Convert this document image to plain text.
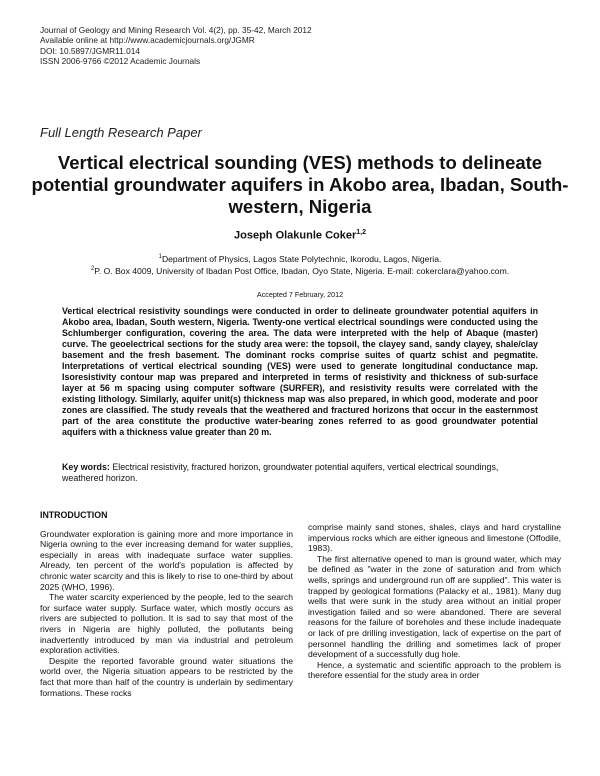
Journal of Geology and Mining Research Vol. 4(2), pp. 35-42, March 2012
Available online at http://www.academicjournals.org/JGMR
DOI: 10.5897/JGMR11.014
ISSN 2006-9766 ©2012 Academic Journals
Full Length Research Paper
Vertical electrical sounding (VES) methods to delineate potential groundwater aquifers in Akobo area, Ibadan, South-western, Nigeria
Joseph Olakunle Coker$^{1,2}$
$^1$Department of Physics, Lagos State Polytechnic, Ikorodu, Lagos, Nigeria.
$^2$P. O. Box 4009, University of Ibadan Post Office, Ibadan, Oyo State, Nigeria. E-mail: cokerclara@yahoo.com.
Accepted 7 February, 2012
Vertical electrical resistivity soundings were conducted in order to delineate groundwater potential aquifers in Akobo area, Ibadan, South western, Nigeria. Twenty-one vertical electrical soundings were conducted using the Schlumberger configuration, covering the area. The data were interpreted with the help of Abaque (master) curve. The geoelectrical sections for the study area were: the topsoil, the clayey sand, sandy clayey, shale/clay basement and the fresh basement. The dominant rocks comprise suites of quartz schist and pegmatite. Interpretations of vertical electrical sounding (VES) were used to generate longitudinal conductance map. Isoresistivity contour map was prepared and interpreted in terms of resistivity and thickness of sub-surface layer at 56 m spacing using computer software (SURFER), and resistivity results were correlated with the existing lithology. Similarly, aquifer unit(s) thickness map was also prepared, in which good, moderate and poor zones are classified. The study reveals that the weathered and fractured horizons that occur in the easternmost part of the area constitute the productive water-bearing zones referred to as good groundwater potential aquifers with a thickness value greater than 20 m.
Key words: Electrical resistivity, fractured horizon, groundwater potential aquifers, vertical electrical soundings, weathered horizon.
INTRODUCTION

Groundwater exploration is gaining more and more importance in Nigeria owning to the ever increasing demand for water supplies, especially in areas with inadequate surface water supplies. Already, ten percent of the world's population is affected by chronic water scarcity and this is likely to rise to one-third by about 2025 (WHO, 1996).

The water scarcity experienced by the people, led to the search for surface water supply. Surface water, which mostly occurs as rivers are subjected to pollution. It is sad to say that most of the rivers in Nigeria are highly polluted, the pollutants being inadvertently introduced by man via industrial and petroleum exploration activities.

Despite the reported favorable ground water situations the world over, the Nigeria situation appears to be restricted by the fact that more than half of the country is underlain by sedimentary formations. These rocks

comprise mainly sand stones, shales, clays and hard crystalline impervious rocks which are either igneous and limestone (Offodile, 1983).

The first alternative opened to man is ground water, which may be defined as "water in the zone of saturation and from which wells, springs and underground run off are supplied". This water is trapped by geological formations (Palacky et al., 1981). Many dug wells that were sunk in the study area without an initial proper investigation failed and so were abandoned. There are several reasons for the failure of boreholes and these include inadequate or lack of pre drilling investigation, lack of expertise on the part of personnel handling the drilling and sometimes lack of proper development of a successfully dug hole.

Hence, a systematic and scientific approach to the problem is therefore essential for the study area in order
